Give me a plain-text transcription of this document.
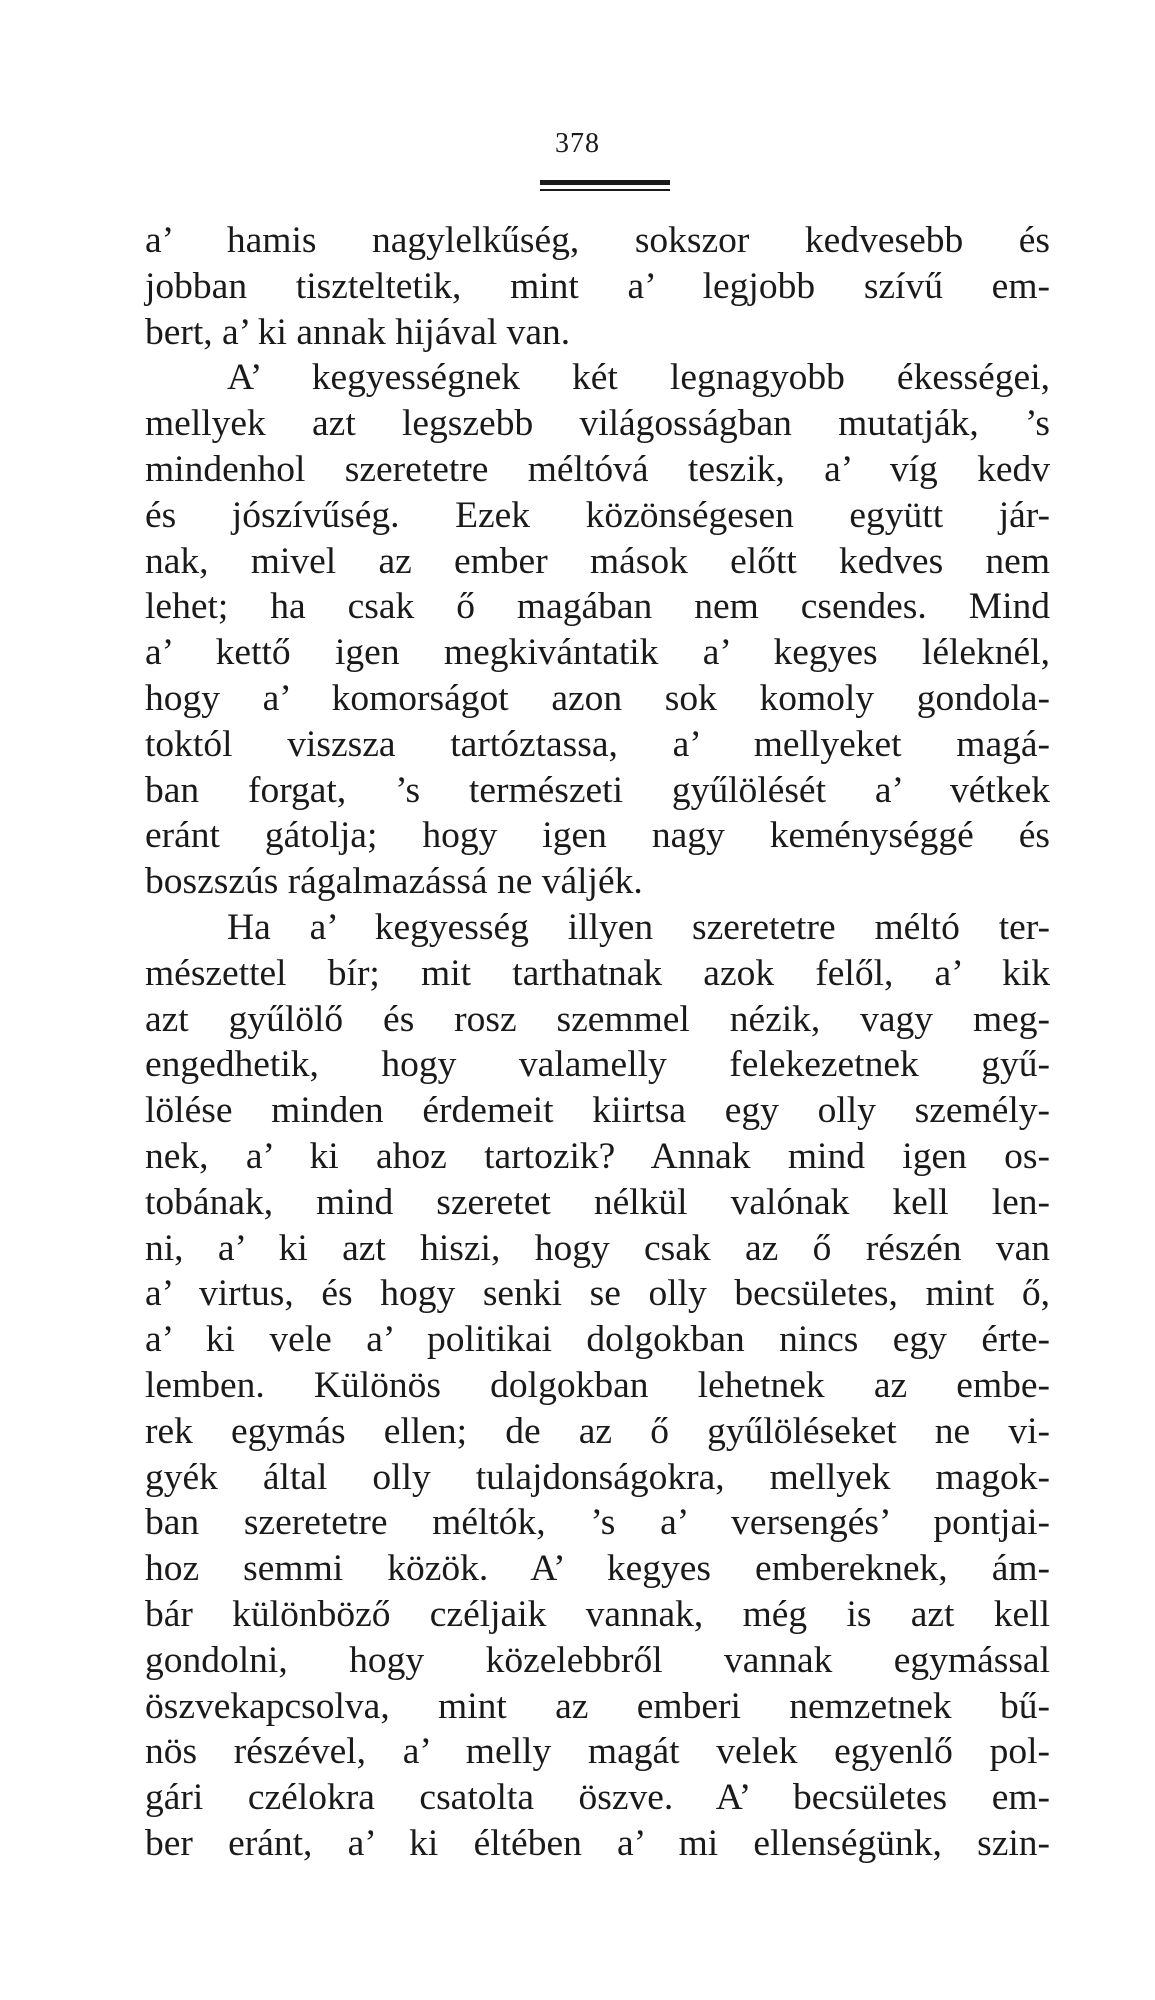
378
a’ hamis nagylelkűség, sokszor kedvesebb és
jobban tiszteltetik, mint a’ legjobb szívű em-
bert, a’ ki annak hijával van.
A’ kegyességnek két legnagyobb ékességei,
mellyek azt legszebb világosságban mutatják, ’s
mindenhol szeretetre méltóvá teszik, a’ víg kedv
és jószívűség. Ezek közönségesen együtt jár-
nak, mivel az ember mások előtt kedves nem
lehet; ha csak ő magában nem csendes. Mind
a’ kettő igen megkivántatik a’ kegyes léleknél,
hogy a’ komorságot azon sok komoly gondola-
toktól viszsza tartóztassa, a’ mellyeket magá-
ban forgat, ’s természeti gyűlölését a’ vétkek
eránt gátolja; hogy igen nagy keménységgé és
boszszús rágalmazássá ne váljék.
Ha a’ kegyesség illyen szeretetre méltó ter-
mészettel bír; mit tarthatnak azok felől, a’ kik
azt gyűlölő és rosz szemmel nézik, vagy meg-
engedhetik, hogy valamelly felekezetnek gyű-
lölése minden érdemeit kiirtsa egy olly személy-
nek, a’ ki ahoz tartozik? Annak mind igen os-
tobának, mind szeretet nélkül valónak kell len-
ni, a’ ki azt hiszi, hogy csak az ő részén van
a’ virtus, és hogy senki se olly becsületes, mint ő,
a’ ki vele a’ politikai dolgokban nincs egy érte-
lemben. Különös dolgokban lehetnek az embe-
rek egymás ellen; de az ő gyűlöléseket ne vi-
gyék által olly tulajdonságokra, mellyek magok-
ban szeretetre méltók, ’s a’ versengés’ pontjai-
hoz semmi közök. A’ kegyes embereknek, ám-
bár különböző czéljaik vannak, még is azt kell
gondolni, hogy közelebbről vannak egymással
öszvekapcsolva, mint az emberi nemzetnek bű-
nös részével, a’ melly magát velek egyenlő pol-
gári czélokra csatolta öszve. A’ becsületes em-
ber eránt, a’ ki éltében a’ mi ellenségünk, szin-
